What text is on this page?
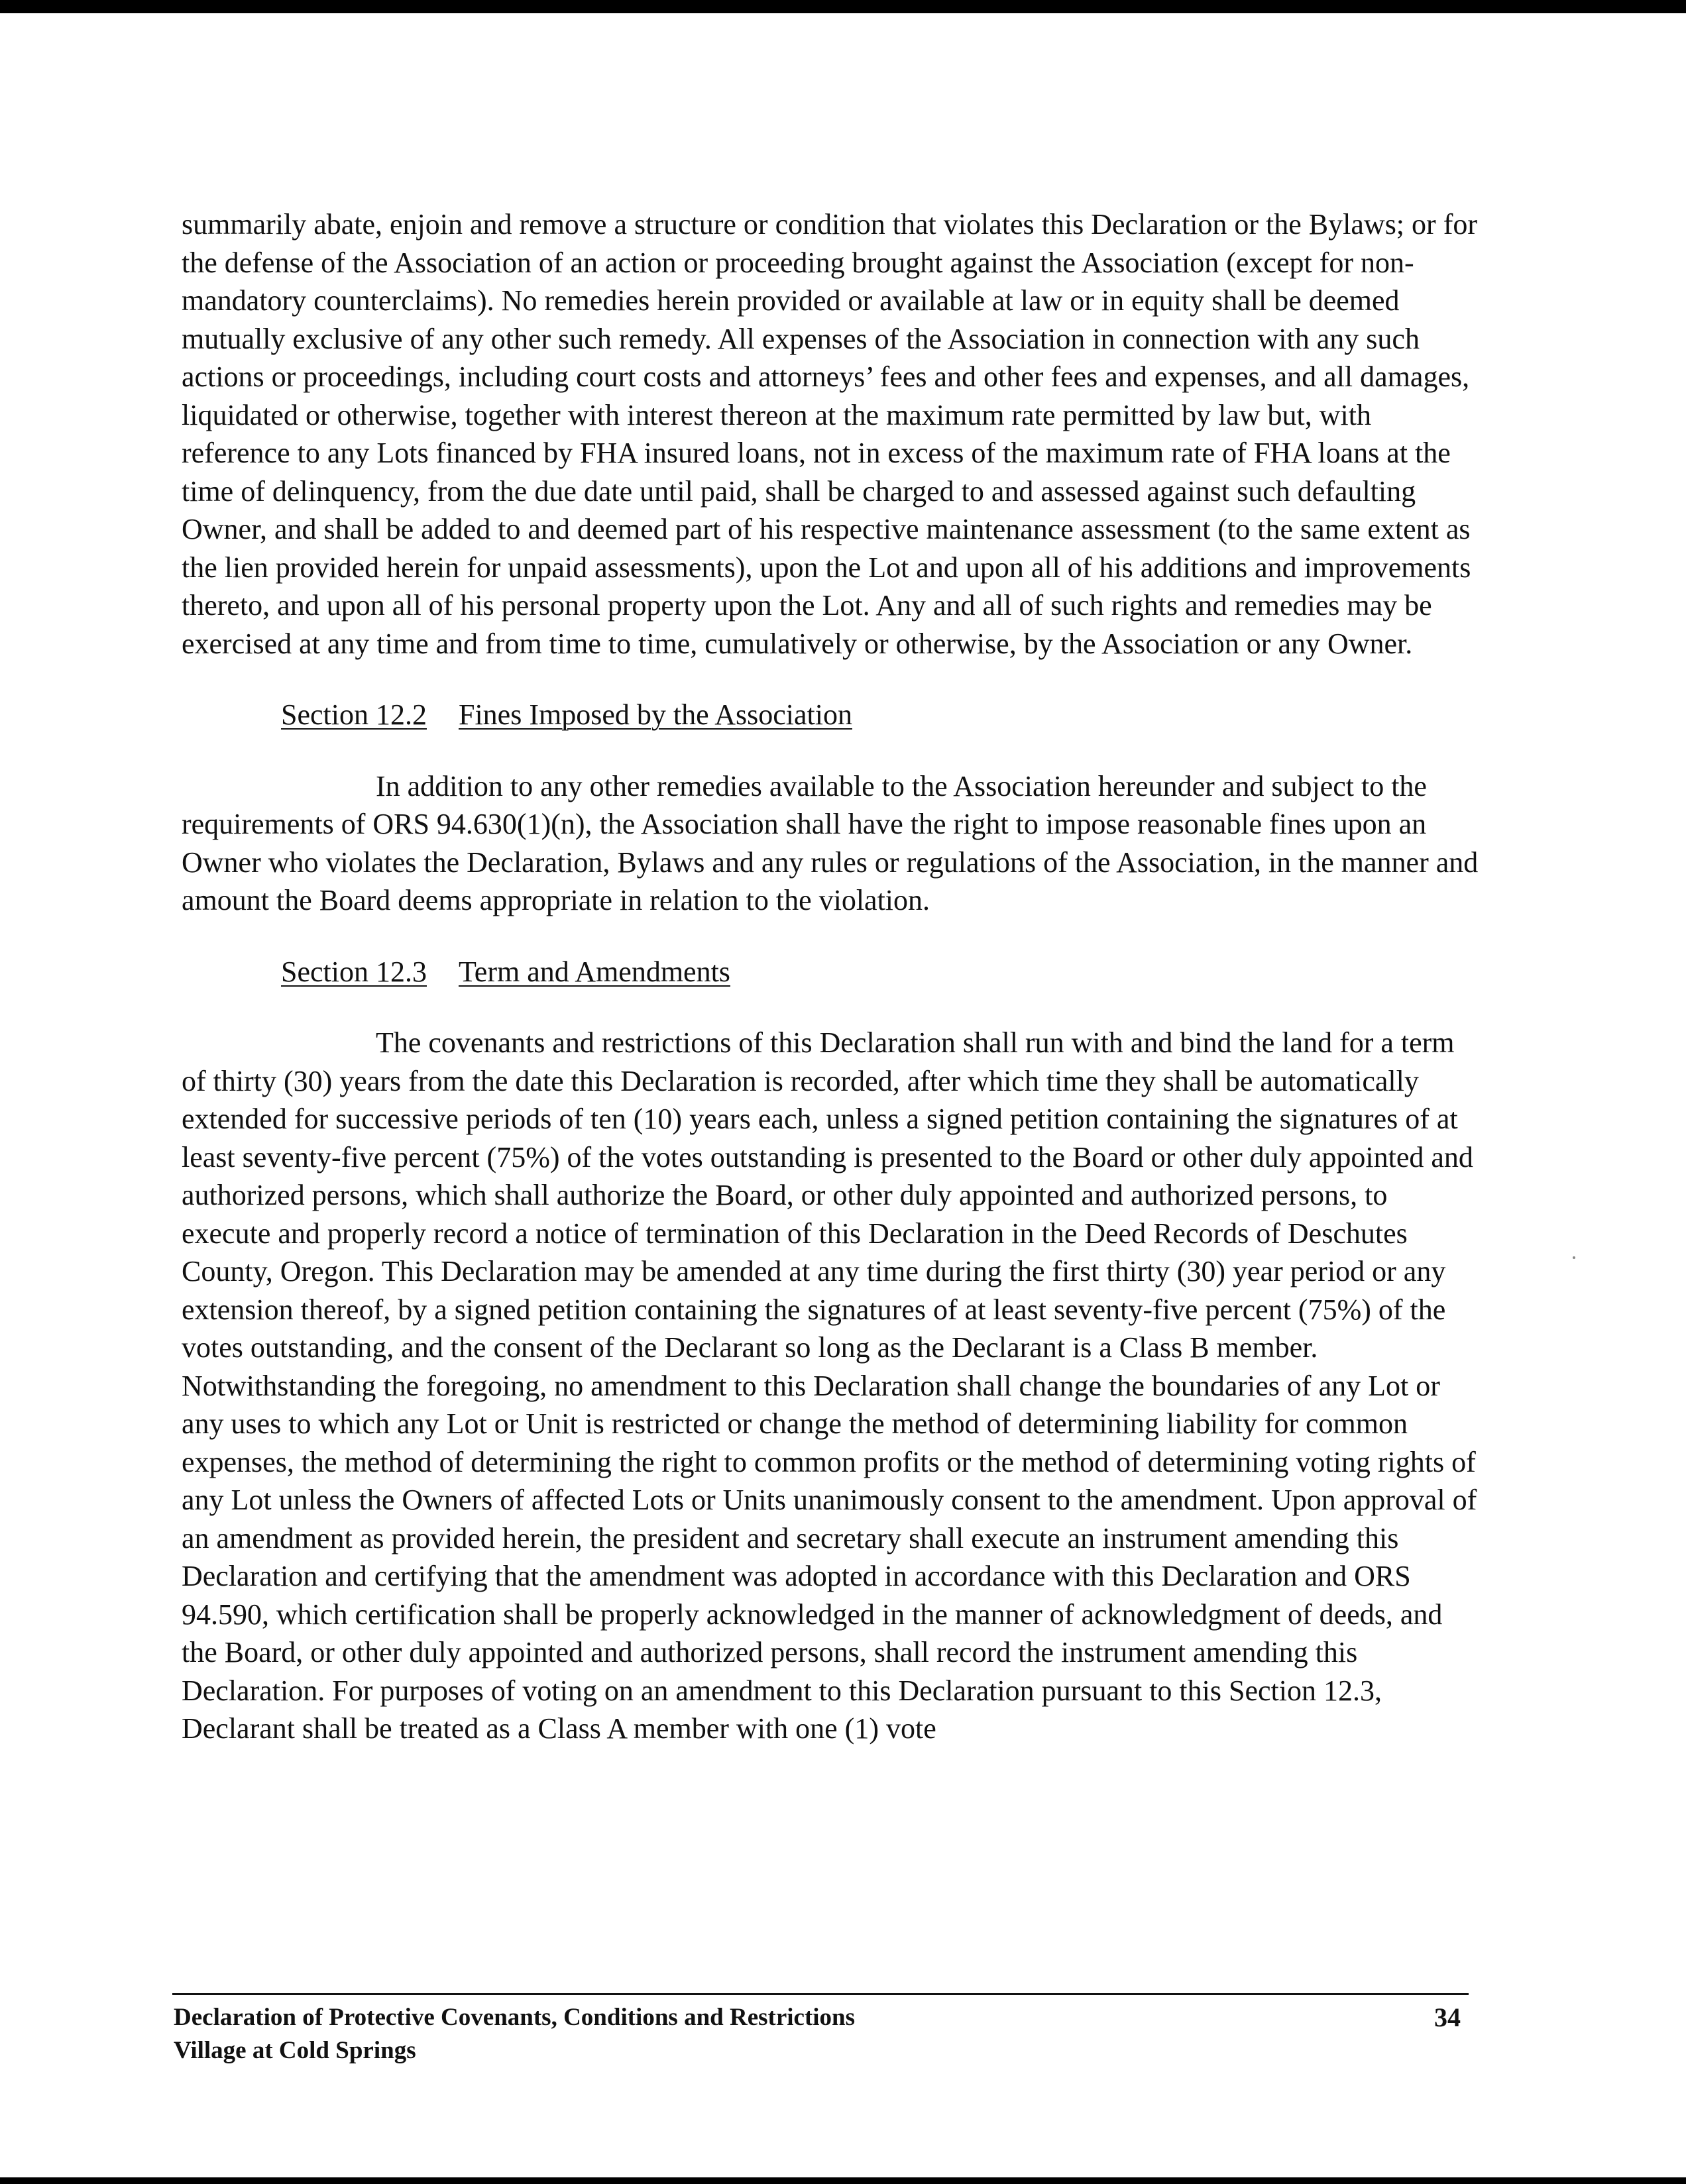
summarily abate, enjoin and remove a structure or condition that violates this Declaration or the Bylaws; or for the defense of the Association of an action or proceeding brought against the Association (except for non-mandatory counterclaims). No remedies herein provided or available at law or in equity shall be deemed mutually exclusive of any other such remedy. All expenses of the Association in connection with any such actions or proceedings, including court costs and attorneys’ fees and other fees and expenses, and all damages, liquidated or otherwise, together with interest thereon at the maximum rate permitted by law but, with reference to any Lots financed by FHA insured loans, not in excess of the maximum rate of FHA loans at the time of delinquency, from the due date until paid, shall be charged to and assessed against such defaulting Owner, and shall be added to and deemed part of his respective maintenance assessment (to the same extent as the lien provided herein for unpaid assessments), upon the Lot and upon all of his additions and improvements thereto, and upon all of his personal property upon the Lot. Any and all of such rights and remedies may be exercised at any time and from time to time, cumulatively or otherwise, by the Association or any Owner.

Section 12.2 Fines Imposed by the Association

In addition to any other remedies available to the Association hereunder and subject to the requirements of ORS 94.630(1)(n), the Association shall have the right to impose reasonable fines upon an Owner who violates the Declaration, Bylaws and any rules or regulations of the Association, in the manner and amount the Board deems appropriate in relation to the violation.

Section 12.3 Term and Amendments

The covenants and restrictions of this Declaration shall run with and bind the land for a term of thirty (30) years from the date this Declaration is recorded, after which time they shall be automatically extended for successive periods of ten (10) years each, unless a signed petition containing the signatures of at least seventy-five percent (75%) of the votes outstanding is presented to the Board or other duly appointed and authorized persons, which shall authorize the Board, or other duly appointed and authorized persons, to execute and properly record a notice of termination of this Declaration in the Deed Records of Deschutes County, Oregon. This Declaration may be amended at any time during the first thirty (30) year period or any extension thereof, by a signed petition containing the signatures of at least seventy-five percent (75%) of the votes outstanding, and the consent of the Declarant so long as the Declarant is a Class B member. Notwithstanding the foregoing, no amendment to this Declaration shall change the boundaries of any Lot or any uses to which any Lot or Unit is restricted or change the method of determining liability for common expenses, the method of determining the right to common profits or the method of determining voting rights of any Lot unless the Owners of affected Lots or Units unanimously consent to the amendment. Upon approval of an amendment as provided herein, the president and secretary shall execute an instrument amending this Declaration and certifying that the amendment was adopted in accordance with this Declaration and ORS 94.590, which certification shall be properly acknowledged in the manner of acknowledgment of deeds, and the Board, or other duly appointed and authorized persons, shall record the instrument amending this Declaration. For purposes of voting on an amendment to this Declaration pursuant to this Section 12.3, Declarant shall be treated as a Class A member with one (1) vote

Declaration of Protective Covenants, Conditions and Restrictions
Village at Cold Springs
34
